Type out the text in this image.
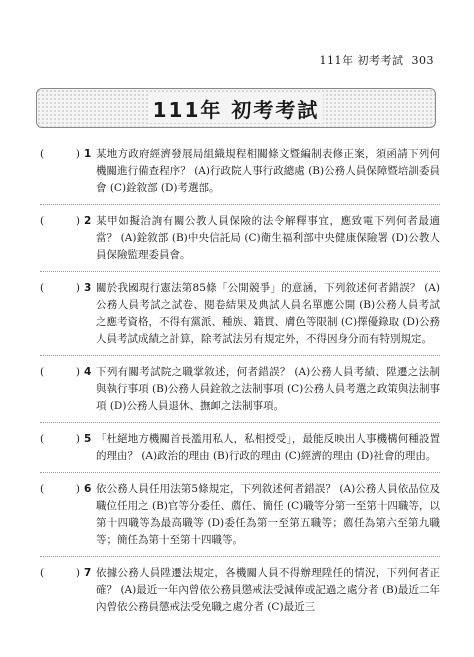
111年 初考考試 303
111年 初考考試
(	) 1 某地方政府經濟發展局組織規程相關條文暨編制表修正案，須函請下列何機關進行備查程序？ (A)行政院人事行政總處 (B)公務人員保障暨培訓委員會 (C)銓敘部 (D)考選部。
(	) 2 某甲如擬洽詢有關公教人員保險的法令解釋事宜，應致電下列何者最適當？ (A)銓敘部 (B)中央信託局 (C)衛生福利部中央健康保險署 (D)公教人員保險監理委員會。
(	) 3 關於我國現行憲法第85條「公開競爭」的意涵，下列敘述何者錯誤？ (A)公務人員考試之試卷、閱卷結果及典試人員名單應公開 (B)公務人員考試之應考資格，不得有黨派、種族、籍貫、膚色等限制 (C)擇優錄取 (D)公務人員考試成績之計算，除考試法另有規定外，不得因身分而有特別規定。
(	) 4 下列有關考試院之職掌敘述，何者錯誤？ (A)公務人員考績、陞遷之法制與執行事項 (B)公務人員銓敘之法制事項 (C)公務人員考選之政策與法制事項 (D)公務人員退休、撫卹之法制事項。
(	) 5 「杜絕地方機關首長濫用私人，私相授受」，最能反映出人事機構何種設置的理由？ (A)政治的理由 (B)行政的理由 (C)經濟的理由 (D)社會的理由。
(	) 6 依公務人員任用法第5條規定，下列敘述何者錯誤？ (A)公務人員依品位及職位任用之 (B)官等分委任、薦任、簡任 (C)職等分第一至第十四職等，以第十四職等為最高職等 (D)委任為第一至第五職等；薦任為第六至第九職等；簡任為第十至第十四職等。
(	) 7 依據公務人員陞遷法規定，各機關人員不得辦理陞任的情況，下列何者正確？ (A)最近一年內曾依公務員懲戒法受減俸或記過之處分者 (B)最近二年內曾依公務員懲戒法受免職之處分者 (C)最近三
